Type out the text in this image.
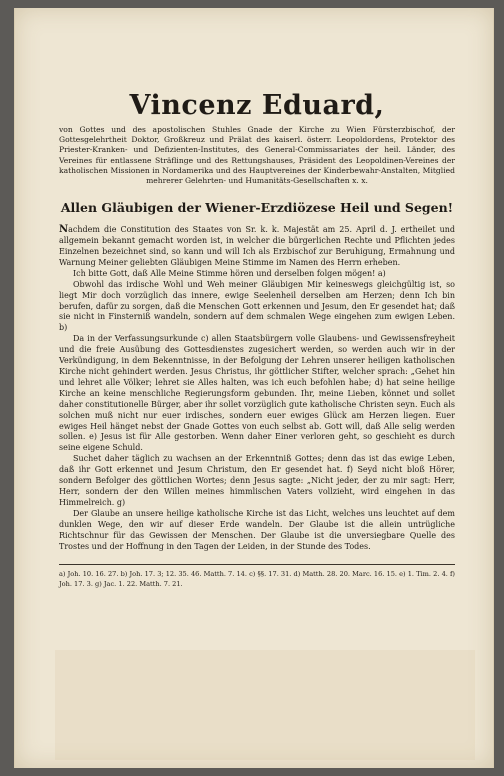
Vincenz Eduard,
von Gottes und des apostolischen Stuhles Gnade der Kirche zu Wien Fürsterzbischof, der Gottesgelehrtheit Doktor, Großkreuz und Prälat des kaiserl. österr. Leopoldordens, Protektor des Priester-Kranken- und Defizienten-Institutes, des General-Commissariates der heil. Länder, des Vereines für entlassene Sträflinge und des Rettungshauses, Präsident des Leopoldinen-Vereines der katholischen Missionen in Nordamerika und des Hauptvereines der Kinderbewahr-Anstalten, Mitglied mehrerer Gelehrten- und Humanitäts-Gesellschaften x. x.
Allen Gläubigen der Wiener-Erzdiözese Heil und Segen!

Nachdem die Constitution des Staates von Sr. k. k. Majestät am 25. April d. J. ertheilet und allgemein bekannt gemacht worden ist, in welcher die bürgerlichen Rechte und Pflichten jedes Einzelnen bezeichnet sind, so kann und will Ich als Erzbischof zur Beruhigung, Ermahnung und Warnung Meiner geliebten Gläubigen Meine Stimme im Namen des Herrn erheben.

Ich bitte Gott, daß Alle Meine Stimme hören und derselben folgen mögen! a)

Obwohl das irdische Wohl und Weh meiner Gläubigen Mir keineswegs gleichgültig ist, so liegt Mir doch vorzüglich das innere, ewige Seelenheil derselben am Herzen; denn Ich bin berufen, dafür zu sorgen, daß die Menschen Gott erkennen und Jesum, den Er gesendet hat; daß sie nicht in Finsterniß wandeln, sondern auf dem schmalen Wege eingehen zum ewigen Leben. b)

Da in der Verfassungsurkunde c) allen Staatsbürgern volle Glaubens- und Gewissensfreyheit und die freie Ausübung des Gottesdienstes zugesichert werden, so werden auch wir in der Verkündigung, in dem Bekenntnisse, in der Befolgung der Lehren unserer heiligen katholischen Kirche nicht gehindert werden. Jesus Christus, ihr göttlicher Stifter, welcher sprach: „Gehet hin und lehret alle Völker; lehret sie Alles halten, was ich euch befohlen habe; d) hat seine heilige Kirche an keine menschliche Regierungsform gebunden. Ihr, meine Lieben, könnet und sollet daher constitutionelle Bürger, aber ihr sollet vorzüglich gute katholische Christen seyn. Euch als solchen muß nicht nur euer irdisches, sondern euer ewiges Glück am Herzen liegen. Euer ewiges Heil hänget nebst der Gnade Gottes von euch selbst ab. Gott will, daß Alle selig werden sollen. e) Jesus ist für Alle gestorben. Wenn daher Einer verloren geht, so geschieht es durch seine eigene Schuld.

Suchet daher täglich zu wachsen an der Erkenntniß Gottes; denn das ist das ewige Leben, daß ihr Gott erkennet und Jesum Christum, den Er gesendet hat. f) Seyd nicht bloß Hörer, sondern Befolger des göttlichen Wortes; denn Jesus sagte: „Nicht jeder, der zu mir sagt: Herr, Herr, sondern der den Willen meines himmlischen Vaters vollzieht, wird eingehen in das Himmelreich. g)

Der Glaube an unsere heilige katholische Kirche ist das Licht, welches uns leuchtet auf dem dunklen Wege, den wir auf dieser Erde wandeln. Der Glaube ist die allein untrügliche Richtschnur für das Gewissen der Menschen. Der Glaube ist die unversiegbare Quelle des Trostes und der Hoffnung in den Tagen der Leiden, in der Stunde des Todes.

a) Joh. 10. 16. 27. b) Joh. 17. 3; 12. 35. 46. Matth. 7. 14. c) §§. 17. 31. d) Matth. 28. 20. Marc. 16. 15. e) 1. Tim. 2. 4. f) Joh. 17. 3. g) Jac. 1. 22. Matth. 7. 21.
